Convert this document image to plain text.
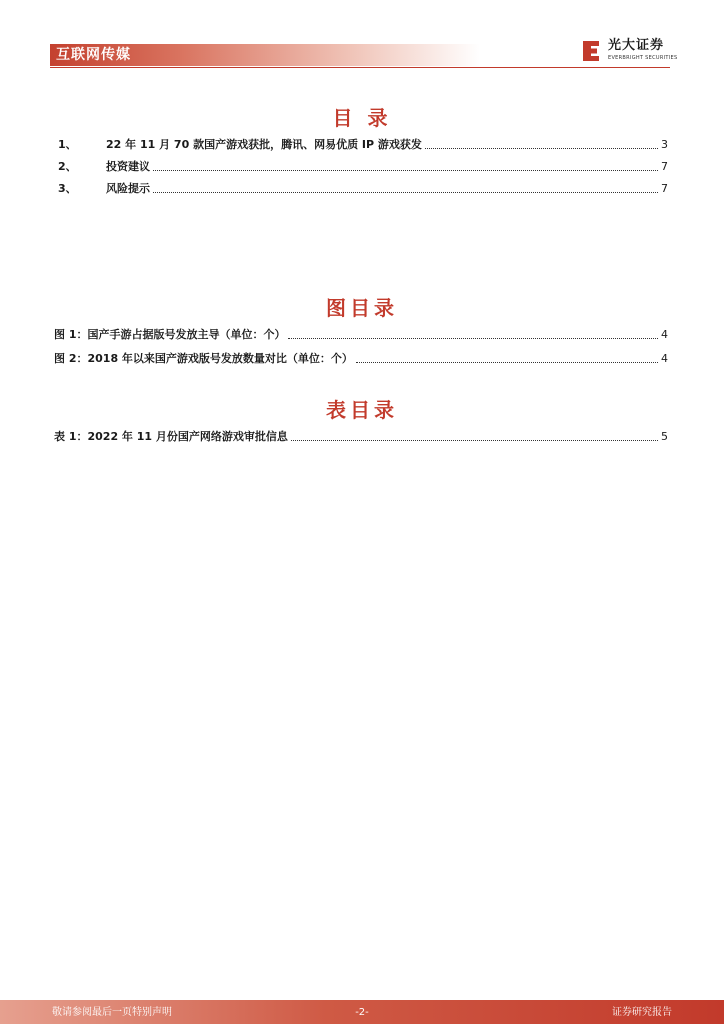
互联网传媒
光大证券
EVERBRIGHT SECURITIES
目 录
1、	22 年 11 月 70 款国产游戏获批，腾讯、网易优质 IP 游戏获发	3
2、	投资建议	7
3、	风险提示	7
图目录
图 1：国产手游占据版号发放主导（单位：个）	4
图 2：2018 年以来国产游戏版号发放数量对比（单位：个）	4
表目录
表 1：2022 年 11 月份国产网络游戏审批信息	5
敬请参阅最后一页特别声明	-2-	证券研究报告
